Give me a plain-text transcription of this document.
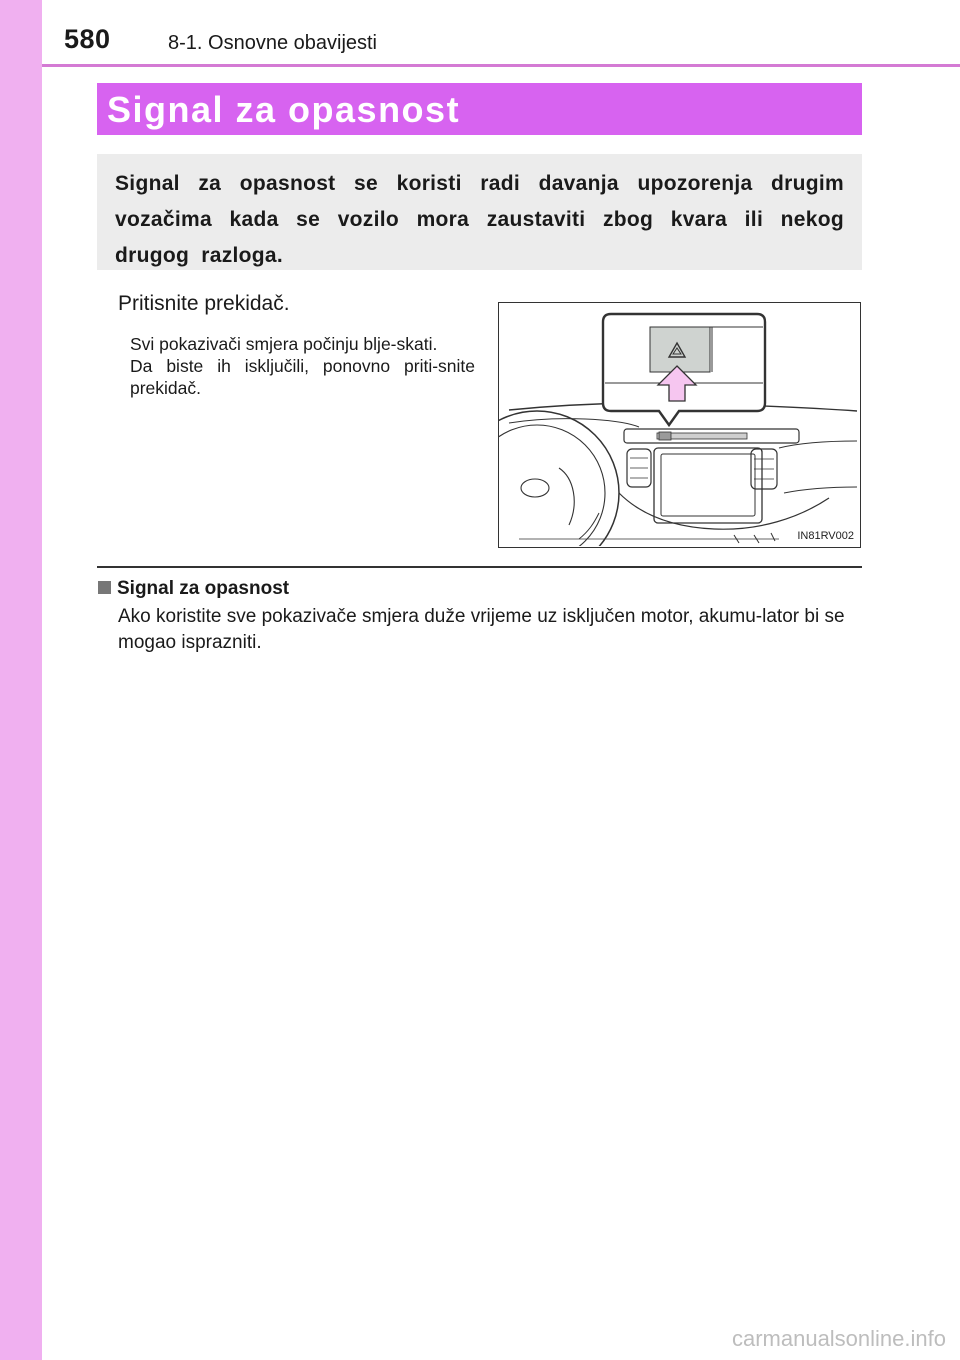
580	8-1. Osnovne obavijesti
Signal za opasnost

Signal za opasnost se koristi radi davanja upozorenja drugim vozačima kada se vozilo mora zaustaviti zbog kvara ili nekog drugog razloga.

Pritisnite prekidač.

Svi pokazivači smjera počinju blje-skati.

Da biste ih isključili, ponovno priti-snite prekidač.

IN81RV002
Signal za opasnost
Ako koristite sve pokazivače smjera duže vrijeme uz isključen motor, akumu-lator bi se mogao isprazniti.
carmanualsonline.info
